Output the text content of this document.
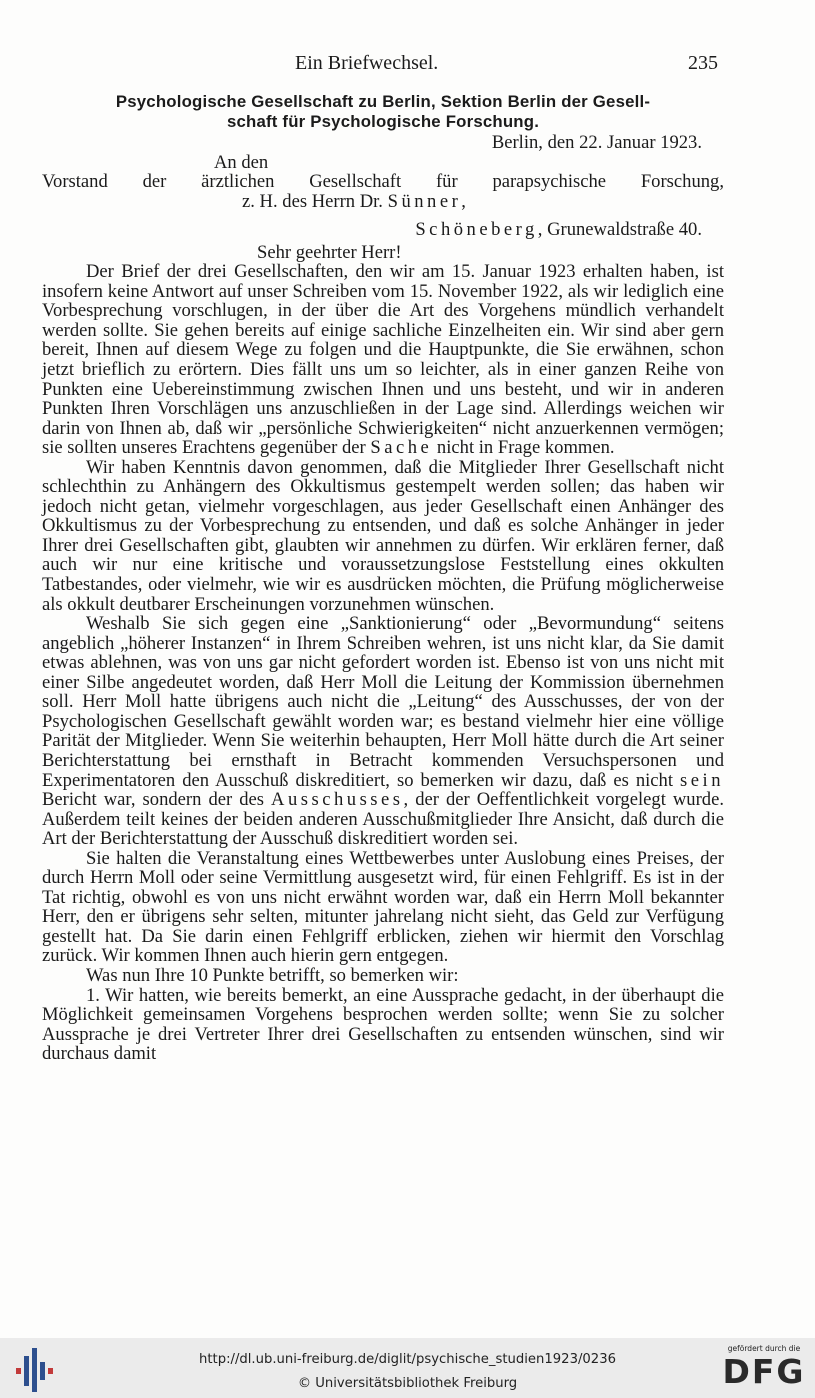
Ein Briefwechsel.	235
Psychologische Gesellschaft zu Berlin, Sektion Berlin der Gesell-
schaft für Psychologische Forschung.
Berlin, den 22. Januar 1923.
An den
Vorstand der ärztlichen Gesellschaft für parapsychische Forschung,
z. H. des Herrn Dr. Sünner,
Schöneberg, Grunewaldstraße 40.
Sehr geehrter Herr!

Der Brief der drei Gesellschaften, den wir am 15. Januar 1923 erhalten haben, ist insofern keine Antwort auf unser Schreiben vom 15. November 1922, als wir lediglich eine Vorbesprechung vorschlugen, in der über die Art des Vorgehens mündlich verhandelt werden sollte. Sie gehen bereits auf einige sachliche Einzelheiten ein. Wir sind aber gern bereit, Ihnen auf diesem Wege zu folgen und die Hauptpunkte, die Sie erwähnen, schon jetzt brieflich zu erörtern. Dies fällt uns um so leichter, als in einer ganzen Reihe von Punkten eine Uebereinstimmung zwischen Ihnen und uns besteht, und wir in anderen Punkten Ihren Vorschlägen uns anzuschließen in der Lage sind. Allerdings weichen wir darin von Ihnen ab, daß wir „persönliche Schwierigkeiten“ nicht anzuerkennen vermögen; sie sollten unseres Erachtens gegenüber der Sache nicht in Frage kommen.

Wir haben Kenntnis davon genommen, daß die Mitglieder Ihrer Gesellschaft nicht schlechthin zu Anhängern des Okkultismus gestempelt werden sollen; das haben wir jedoch nicht getan, vielmehr vorgeschlagen, aus jeder Gesellschaft einen Anhänger des Okkultismus zu der Vorbesprechung zu entsenden, und daß es solche Anhänger in jeder Ihrer drei Gesellschaften gibt, glaubten wir annehmen zu dürfen. Wir erklären ferner, daß auch wir nur eine kritische und voraussetzungslose Feststellung eines okkulten Tatbestandes, oder vielmehr, wie wir es ausdrücken möchten, die Prüfung möglicherweise als okkult deutbarer Erscheinungen vorzunehmen wünschen.

Weshalb Sie sich gegen eine „Sanktionierung“ oder „Bevormundung“ seitens angeblich „höherer Instanzen“ in Ihrem Schreiben wehren, ist uns nicht klar, da Sie damit etwas ablehnen, was von uns gar nicht gefordert worden ist. Ebenso ist von uns nicht mit einer Silbe angedeutet worden, daß Herr Moll die Leitung der Kommission übernehmen soll. Herr Moll hatte übrigens auch nicht die „Leitung“ des Ausschusses, der von der Psychologischen Gesellschaft gewählt worden war; es bestand vielmehr hier eine völlige Parität der Mitglieder. Wenn Sie weiterhin behaupten, Herr Moll hätte durch die Art seiner Berichterstattung bei ernsthaft in Betracht kommenden Versuchspersonen und Experimentatoren den Ausschuß diskreditiert, so bemerken wir dazu, daß es nicht sein Bericht war, sondern der des Ausschusses, der der Oeffentlichkeit vorgelegt wurde. Außerdem teilt keines der beiden anderen Ausschußmitglieder Ihre Ansicht, daß durch die Art der Berichterstattung der Ausschuß diskreditiert worden sei.

Sie halten die Veranstaltung eines Wettbewerbes unter Auslobung eines Preises, der durch Herrn Moll oder seine Vermittlung ausgesetzt wird, für einen Fehlgriff. Es ist in der Tat richtig, obwohl es von uns nicht erwähnt worden war, daß ein Herrn Moll bekannter Herr, den er übrigens sehr selten, mitunter jahrelang nicht sieht, das Geld zur Verfügung gestellt hat. Da Sie darin einen Fehlgriff erblicken, ziehen wir hiermit den Vorschlag zurück. Wir kommen Ihnen auch hierin gern entgegen.

Was nun Ihre 10 Punkte betrifft, so bemerken wir:

1. Wir hatten, wie bereits bemerkt, an eine Aussprache gedacht, in der überhaupt die Möglichkeit gemeinsamen Vorgehens besprochen werden sollte; wenn Sie zu solcher Aussprache je drei Vertreter Ihrer drei Gesellschaften zu entsenden wünschen, sind wir durchaus damit

http://dl.ub.uni-freiburg.de/diglit/psychische_studien1923/0236
© Universitätsbibliothek Freiburg
gefördert durch die
DFG
